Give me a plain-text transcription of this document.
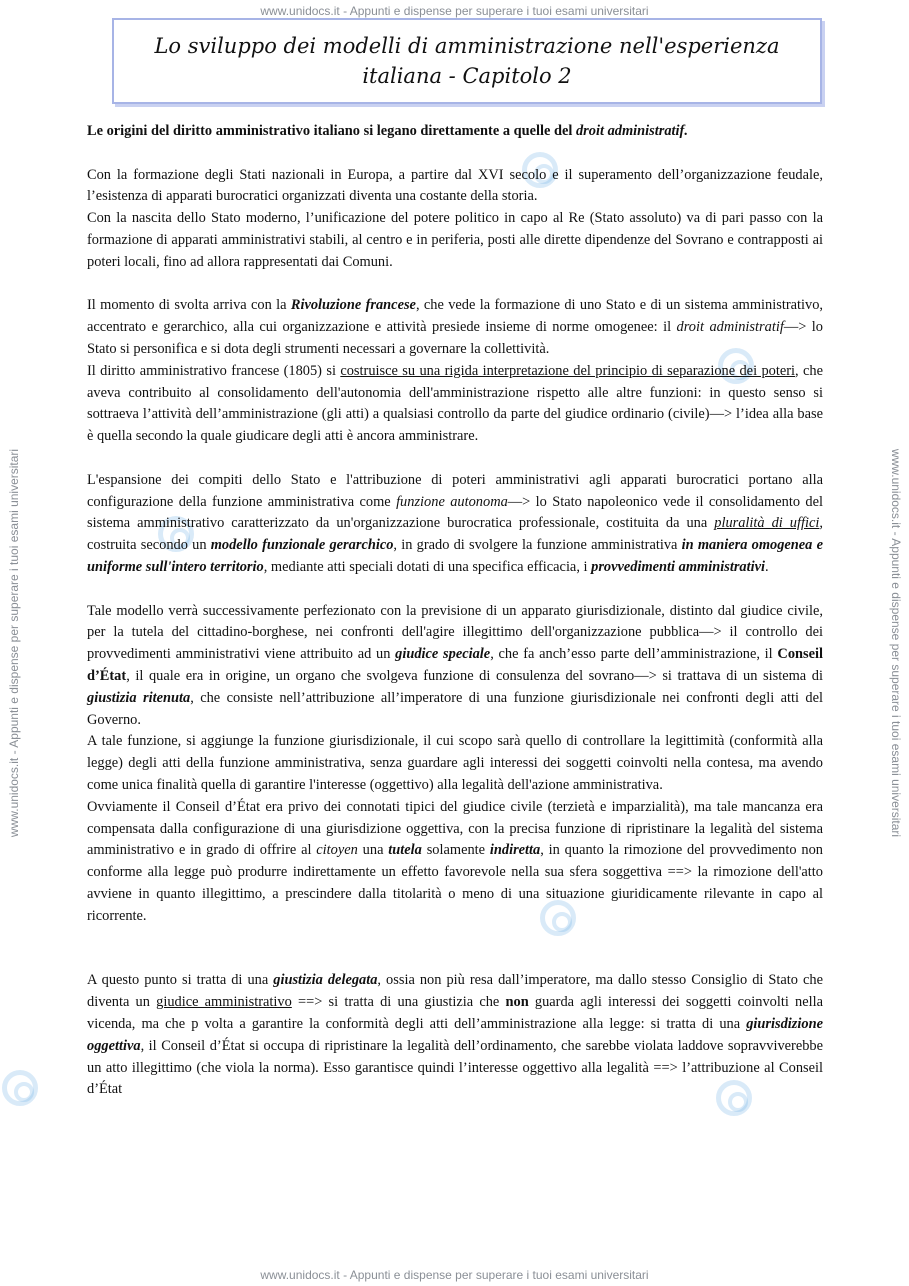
www.unidocs.it - Appunti e dispense per superare i tuoi esami universitari
www.unidocs.it - Appunti e dispense per superare i tuoi esami universitari
www.unidocs.it - Appunti e dispense per superare i tuoi esami universitari	www.unidocs.it - Appunti e dispense per superare i tuoi esami universitari
Lo sviluppo dei modelli di amministrazione nell'esperienza italiana - Capitolo 2

Le origini del diritto amministrativo italiano si legano direttamente a quelle del droit administratif.

Con la formazione degli Stati nazionali in Europa, a partire dal XVI secolo e il superamento dell’organizzazione feudale, l’esistenza di apparati burocratici organizzati diventa una costante della storia.

Con la nascita dello Stato moderno, l’unificazione del potere politico in capo al Re (Stato assoluto) va di pari passo con la formazione di apparati amministrativi stabili, al centro e in periferia, posti alle dirette dipendenze del Sovrano e contrapposti ai poteri locali, fino ad allora rappresentati dai Comuni.

Il momento di svolta arriva con la Rivoluzione francese, che vede la formazione di uno Stato e di un sistema amministrativo, accentrato e gerarchico, alla cui organizzazione e attività presiede insieme di norme omogenee: il droit administratif—> lo Stato si personifica e si dota degli strumenti necessari a governare la collettività.

Il diritto amministrativo francese (1805) si costruisce su una rigida interpretazione del principio di separazione dei poteri, che aveva contribuito al consolidamento dell'autonomia dell'amministrazione rispetto alle altre funzioni: in questo senso si sottraeva l’attività dell’amministrazione (gli atti) a qualsiasi controllo da parte del giudice ordinario (civile)—> l’idea alla base è quella secondo la quale giudicare degli atti è ancora amministrare.

L'espansione dei compiti dello Stato e l'attribuzione di poteri amministrativi agli apparati burocratici portano alla configurazione della funzione amministrativa come funzione autonoma—> lo Stato napoleonico vede il consolidamento del sistema amministrativo caratterizzato da un'organizzazione burocratica professionale, costituita da una pluralità di uffici, costruita secondo un modello funzionale gerarchico, in grado di svolgere la funzione amministrativa in maniera omogenea e uniforme sull'intero territorio, mediante atti speciali dotati di una specifica efficacia, i provvedimenti amministrativi.

Tale modello verrà successivamente perfezionato con la previsione di un apparato giurisdizionale, distinto dal giudice civile, per la tutela del cittadino-borghese, nei confronti dell'agire illegittimo dell'organizzazione pubblica—> il controllo dei provvedimenti amministrativi viene attribuito ad un giudice speciale, che fa anch’esso parte dell’amministrazione, il Conseil d’État, il quale era in origine, un organo che svolgeva funzione di consulenza del sovrano—> si trattava di un sistema di giustizia ritenuta, che consiste nell’attribuzione all’imperatore di una funzione giurisdizionale nei confronti degli atti del Governo.

A tale funzione, si aggiunge la funzione giurisdizionale, il cui scopo sarà quello di controllare la legittimità (conformità alla legge) degli atti della funzione amministrativa, senza guardare agli interessi dei soggetti coinvolti nella contesa, ma avendo come unica finalità quella di garantire l'interesse (oggettivo) alla legalità dell'azione amministrativa.

Ovviamente il Conseil d’État era privo dei connotati tipici del giudice civile (terzietà e imparzialità), ma tale mancanza era compensata dalla configurazione di una giurisdizione oggettiva, con la precisa funzione di ripristinare la legalità del sistema amministrativo e in grado di offrire al citoyen una tutela solamente indiretta, in quanto la rimozione del provvedimento non conforme alla legge può produrre indirettamente un effetto favorevole nella sua sfera soggettiva ==> la rimozione dell'atto avviene in quanto illegittimo, a prescindere dalla titolarità o meno di una situazione giuridicamente rilevante in capo al ricorrente.

A questo punto si tratta di una giustizia delegata, ossia non più resa dall’imperatore, ma dallo stesso Consiglio di Stato che diventa un giudice amministrativo ==> si tratta di una giustizia che non guarda agli interessi dei soggetti coinvolti nella vicenda, ma che p volta a garantire la conformità degli atti dell’amministrazione alla legge: si tratta di una giurisdizione oggettiva, il Conseil d’État si occupa di ripristinare la legalità dell’ordinamento, che sarebbe violata laddove sopravviverebbe un atto illegittimo (che viola la norma). Esso garantisce quindi l’interesse oggettivo alla legalità ==> l’attribuzione al Conseil d’État
